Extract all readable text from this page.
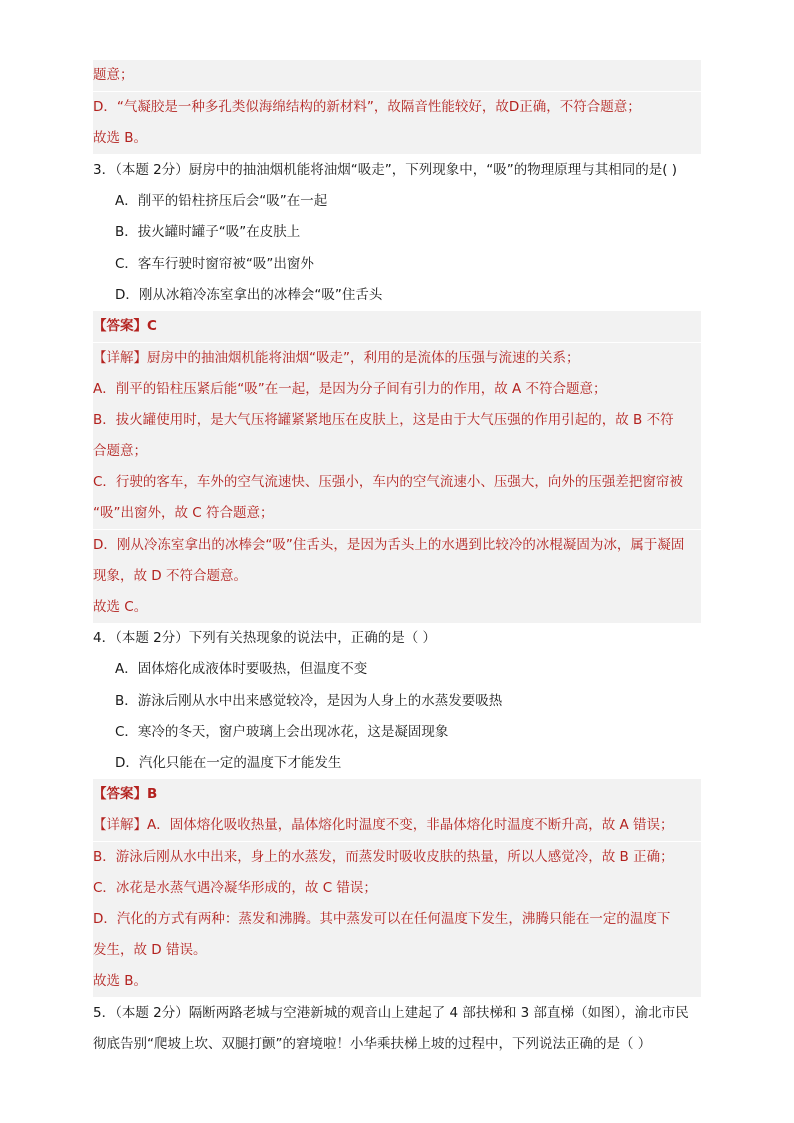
题意；
D．“气凝胶是一种多孔类似海绵结构的新材料”，故隔音性能较好，故D正确，不符合题意；
故选 B。
3．（本题 2分）厨房中的抽油烟机能将油烟“吸走”，下列现象中，“吸”的物理原理与其相同的是( )
A．削平的铅柱挤压后会“吸”在一起
B．拔火罐时罐子“吸”在皮肤上
C．客车行驶时窗帘被“吸”出窗外
D．刚从冰箱冷冻室拿出的冰棒会“吸”住舌头
【答案】C
【详解】厨房中的抽油烟机能将油烟“吸走”，利用的是流体的压强与流速的关系；
A．削平的铅柱压紧后能“吸”在一起，是因为分子间有引力的作用，故 A 不符合题意；
B．拔火罐使用时，是大气压将罐紧紧地压在皮肤上，这是由于大气压强的作用引起的，故 B 不符
合题意；
C．行驶的客车，车外的空气流速快、压强小，车内的空气流速小、压强大，向外的压强差把窗帘被
“吸”出窗外，故 C 符合题意；
D．刚从冷冻室拿出的冰棒会“吸”住舌头，是因为舌头上的水遇到比较冷的冰棍凝固为冰，属于凝固
现象，故 D 不符合题意。
故选 C。
4．（本题 2分）下列有关热现象的说法中，正确的是（ ）
A．固体熔化成液体时要吸热，但温度不变
B．游泳后刚从水中出来感觉较冷，是因为人身上的水蒸发要吸热
C．寒冷的冬天，窗户玻璃上会出现冰花，这是凝固现象
D．汽化只能在一定的温度下才能发生
【答案】B
【详解】A．固体熔化吸收热量，晶体熔化时温度不变，非晶体熔化时温度不断升高，故 A 错误；
B．游泳后刚从水中出来，身上的水蒸发，而蒸发时吸收皮肤的热量，所以人感觉冷，故 B 正确；
C．冰花是水蒸气遇冷凝华形成的，故 C 错误；
D．汽化的方式有两种：蒸发和沸腾。其中蒸发可以在任何温度下发生，沸腾只能在一定的温度下
发生，故 D 错误。
故选 B。
5．（本题 2分）隔断两路老城与空港新城的观音山上建起了 4 部扶梯和 3 部直梯（如图），渝北市民
彻底告别“爬坡上坎、双腿打颤”的窘境啦！小华乘扶梯上坡的过程中，下列说法正确的是（ ）
